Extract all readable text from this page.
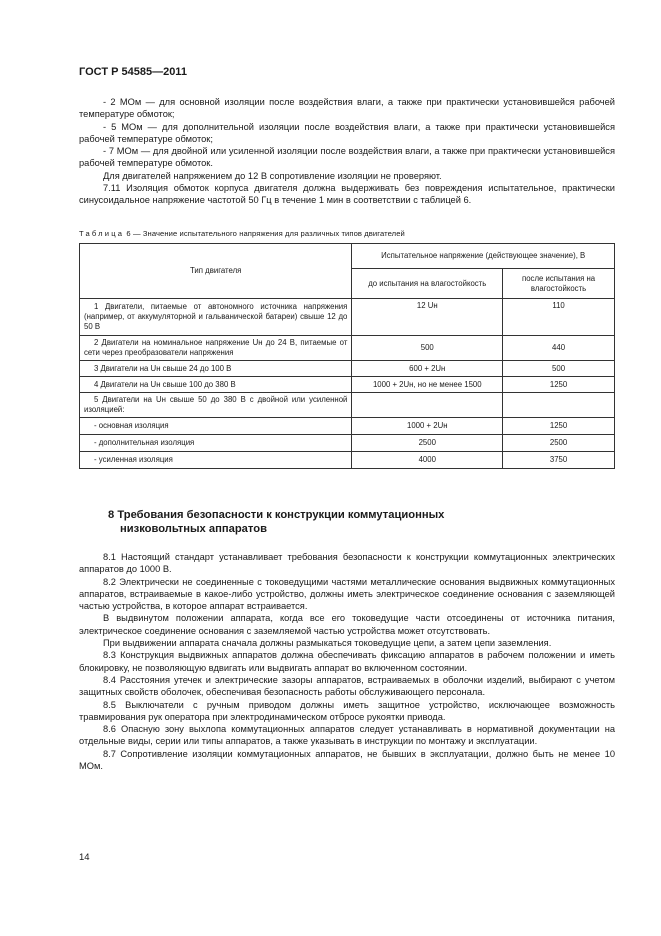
ГОСТ Р 54585—2011

- 2 МОм — для основной изоляции после воздействия влаги, а также при практически установившейся рабочей температуре обмоток;

- 5 МОм — для дополнительной изоляции после воздействия влаги, а также при практически установившейся рабочей температуре обмоток;

- 7 МОм — для двойной или усиленной изоляции после воздействия влаги, а также при практически установившейся рабочей температуре обмоток.

Для двигателей напряжением до 12 В сопротивление изоляции не проверяют.

7.11 Изоляция обмоток корпуса двигателя должна выдерживать без повреждения испытательное, практически синусоидальное напряжение частотой 50 Гц в течение 1 мин в соответствии с таблицей 6.

Таблица 6 — Значение испытательного напряжения для различных типов двигателей
Тип двигателя	Испытательное напряжение (действующее значение), В	
	до испытания на влагостойкость	после испытания на влагостойкость
1 Двигатели, питаемые от автономного источника напряжения (например, от аккумуляторной и гальванической батареи) свыше 12 до 50 В	12 Uн	110
2 Двигатели на номинальное напряжение Uн до 24 В, питаемые от сети через преобразователи напряжения	500	440
3 Двигатели на Uн свыше 24 до 100 В	600 + 2Uн	500
4 Двигатели на Uн свыше 100 до 380 В	1000 + 2Uн, но не менее 1500	1250
5 Двигатели на Uн свыше 50 до 380 В с двойной или усиленной изоляцией:		
- основная изоляция	1000 + 2Uн	1250
- дополнительная изоляция	2500	2500
- усиленная изоляция	4000	3750
8 Требования безопасности к конструкции коммутационных
низковольтных аппаратов

8.1 Настоящий стандарт устанавливает требования безопасности к конструкции коммутационных электрических аппаратов до 1000 В.

8.2 Электрически не соединенные с токоведущими частями металлические основания выдвижных коммутационных аппаратов, встраиваемые в какое-либо устройство, должны иметь электрическое соединение основания с заземляющей частью устройства, в которое аппарат встраивается.

В выдвинутом положении аппарата, когда все его токоведущие части отсоединены от источника питания, электрическое соединение основания с заземляемой частью устройства может отсутствовать.

При выдвижении аппарата сначала должны размыкаться токоведущие цепи, а затем цепи заземления.

8.3 Конструкция выдвижных аппаратов должна обеспечивать фиксацию аппаратов в рабочем положении и иметь блокировку, не позволяющую вдвигать или выдвигать аппарат во включенном состоянии.

8.4 Расстояния утечек и электрические зазоры аппаратов, встраиваемых в оболочки изделий, выбирают с учетом защитных свойств оболочек, обеспечивая безопасность работы обслуживающего персонала.

8.5 Выключатели с ручным приводом должны иметь защитное устройство, исключающее возможность травмирования рук оператора при электродинамическом отбросе рукоятки привода.

8.6 Опасную зону выхлопа коммутационных аппаратов следует устанавливать в нормативной документации на отдельные виды, серии или типы аппаратов, а также указывать в инструкции по монтажу и эксплуатации.

8.7 Сопротивление изоляции коммутационных аппаратов, не бывших в эксплуатации, должно быть не менее 10 МОм.

14
